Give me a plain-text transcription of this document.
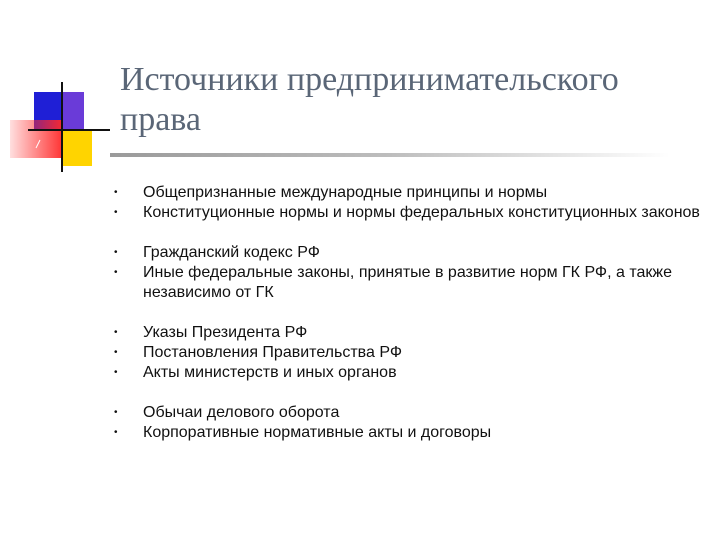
Источники предпринимательского права
• Общепризнанные международные принципы и нормы
• Конституционные нормы и нормы федеральных конституционных законов
• Гражданский кодекс РФ
• Иные федеральные законы, принятые в развитие норм ГК РФ, а также независимо от ГК
• Указы Президента РФ
• Постановления Правительства РФ
• Акты министерств и иных органов
• Обычаи делового оборота
• Корпоративные нормативные акты и договоры
